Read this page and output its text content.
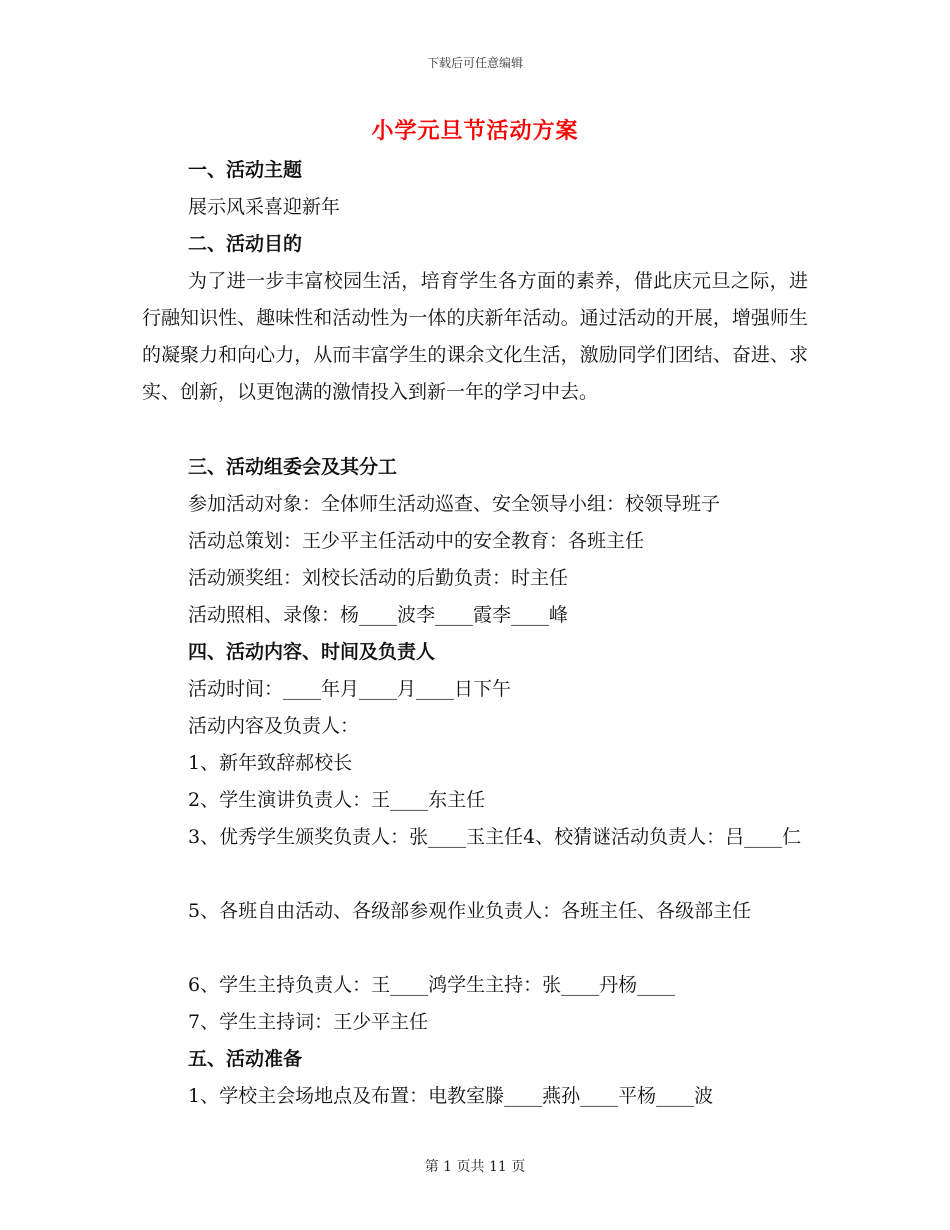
下载后可任意编辑
小学元旦节活动方案
一、活动主题
展示风采喜迎新年
二、活动目的
为了进一步丰富校园生活，培育学生各方面的素养，借此庆元旦之际，进行融知识性、趣味性和活动性为一体的庆新年活动。通过活动的开展，增强师生的凝聚力和向心力，从而丰富学生的课余文化生活，激励同学们团结、奋进、求实、创新，以更饱满的激情投入到新一年的学习中去。
三、活动组委会及其分工
参加活动对象：全体师生活动巡查、安全领导小组：校领导班子
活动总策划：王少平主任活动中的安全教育：各班主任
活动颁奖组：刘校长活动的后勤负责：时主任
活动照相、录像：杨____波李____霞李____峰
四、活动内容、时间及负责人
活动时间：____年月____月____日下午
活动内容及负责人：
1、新年致辞郝校长
2、学生演讲负责人：王____东主任
3、优秀学生颁奖负责人：张____玉主任4、校猜谜活动负责人：吕____仁
5、各班自由活动、各级部参观作业负责人：各班主任、各级部主任
6、学生主持负责人：王____鸿学生主持：张____丹杨____
7、学生主持词：王少平主任
五、活动准备
1、学校主会场地点及布置：电教室滕____燕孙____平杨____波
第 1 页共 11 页
